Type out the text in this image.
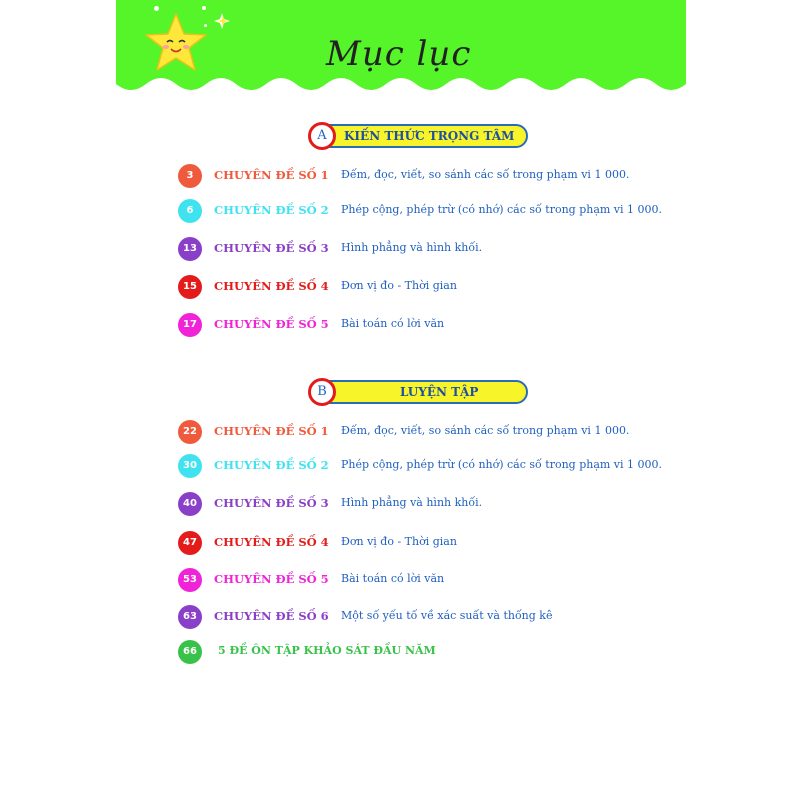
Mục lục
KIẾN THỨC TRỌNG TÂM
A
3	CHUYÊN ĐỀ SỐ 1 Đếm, đọc, viết, so sánh các số trong phạm vi 1 000.
6	CHUYÊN ĐỀ SỐ 2 Phép cộng, phép trừ (có nhớ) các số trong phạm vi 1 000.
13	CHUYÊN ĐỀ SỐ 3 Hình phẳng và hình khối.
15	CHUYÊN ĐỀ SỐ 4 Đơn vị đo - Thời gian
17	CHUYÊN ĐỀ SỐ 5 Bài toán có lời văn
LUYỆN TẬP
B
22	CHUYÊN ĐỀ SỐ 1 Đếm, đọc, viết, so sánh các số trong phạm vi 1 000.
30	CHUYÊN ĐỀ SỐ 2 Phép cộng, phép trừ (có nhớ) các số trong phạm vi 1 000.
40	CHUYÊN ĐỀ SỐ 3 Hình phẳng và hình khối.
47	CHUYÊN ĐỀ SỐ 4 Đơn vị đo - Thời gian
53	CHUYÊN ĐỀ SỐ 5 Bài toán có lời văn
63	CHUYÊN ĐỀ SỐ 6 Một số yếu tố về xác suất và thống kê
66	5 ĐỀ ÔN TẬP KHẢO SÁT ĐẦU NĂM
